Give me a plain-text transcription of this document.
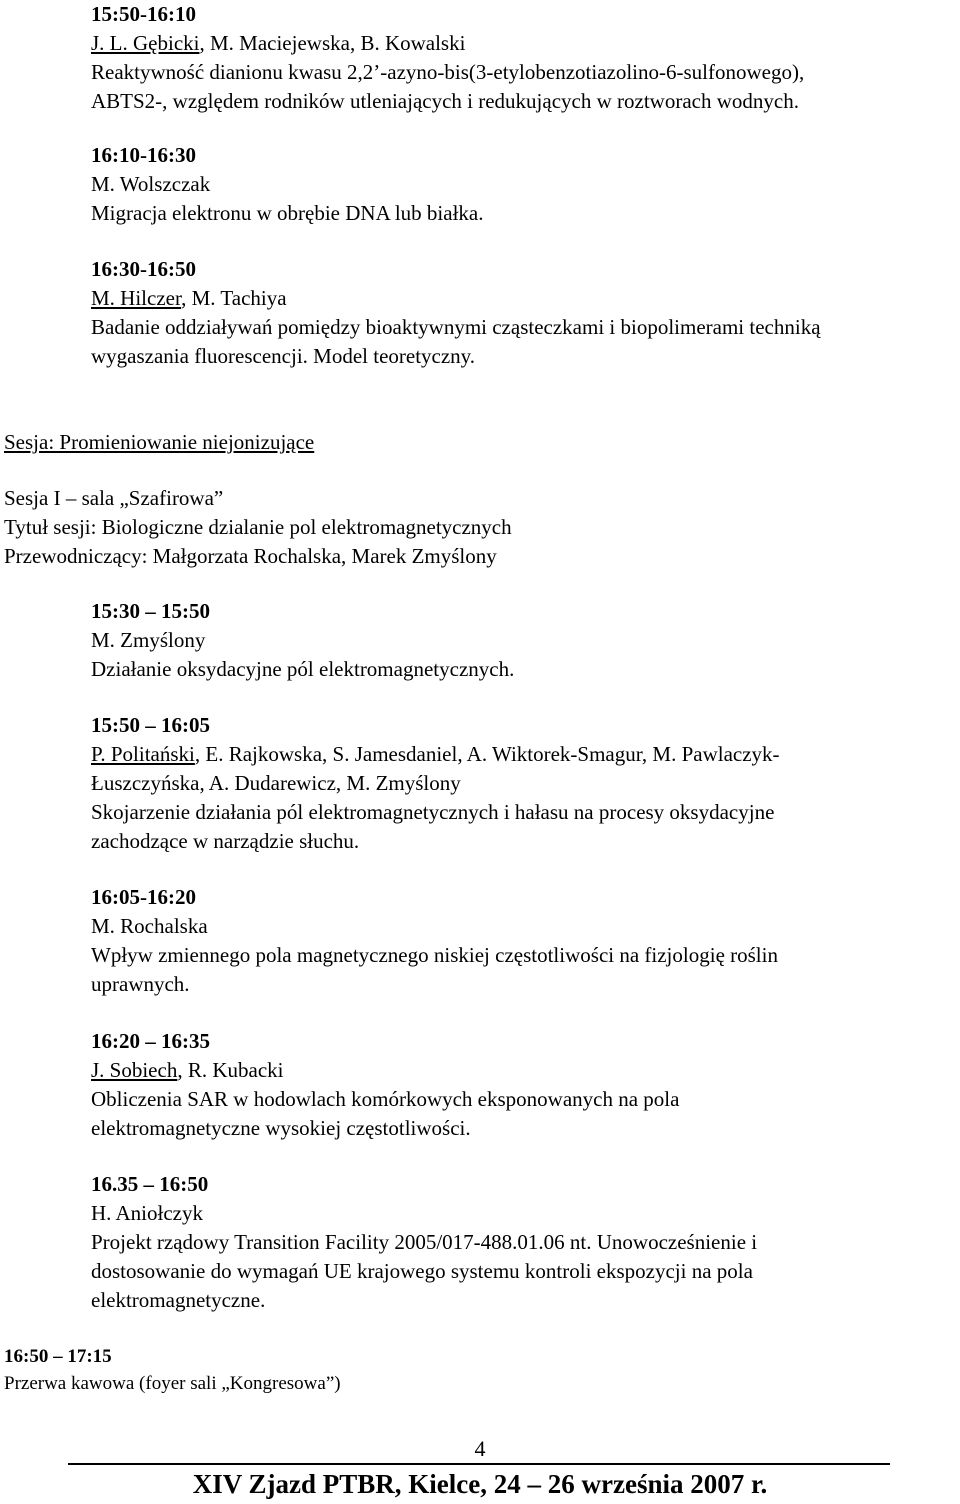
15:50-16:10
J. L. Gębicki, M. Maciejewska, B. Kowalski
Reaktywność dianionu kwasu 2,2’-azyno-bis(3-etylobenzotiazolino-6-sulfonowego),
ABTS2-, względem rodników utleniających i redukujących w roztworach wodnych.
16:10-16:30
M. Wolszczak
Migracja elektronu w obrębie DNA lub białka.
16:30-16:50
M. Hilczer, M. Tachiya
Badanie oddziaływań pomiędzy bioaktywnymi cząsteczkami i biopolimerami techniką
wygaszania fluorescencji. Model teoretyczny.
Sesja: Promieniowanie niejonizujące
Sesja I – sala „Szafirowa”
Tytuł sesji: Biologiczne dzialanie pol elektromagnetycznych
Przewodniczący: Małgorzata Rochalska, Marek Zmyślony
15:30 – 15:50
M. Zmyślony
Działanie oksydacyjne pól elektromagnetycznych.
15:50 – 16:05
P. Politański, E. Rajkowska, S. Jamesdaniel, A. Wiktorek-Smagur, M. Pawlaczyk-
Łuszczyńska, A. Dudarewicz, M. Zmyślony
Skojarzenie działania pól elektromagnetycznych i hałasu na procesy oksydacyjne
zachodzące w narządzie słuchu.
16:05-16:20
M. Rochalska
Wpływ zmiennego pola magnetycznego niskiej częstotliwości na fizjologię roślin
uprawnych.
16:20 – 16:35
J. Sobiech, R. Kubacki
Obliczenia SAR w hodowlach komórkowych eksponowanych na pola
elektromagnetyczne wysokiej częstotliwości.
16.35 – 16:50
H. Aniołczyk
Projekt rządowy Transition Facility 2005/017-488.01.06 nt. Unowocześnienie i
dostosowanie do wymagań UE krajowego systemu kontroli ekspozycji na pola
elektromagnetyczne.
16:50 – 17:15
Przerwa kawowa (foyer sali „Kongresowa”)
4
XIV Zjazd PTBR, Kielce, 24 – 26 września 2007 r.
